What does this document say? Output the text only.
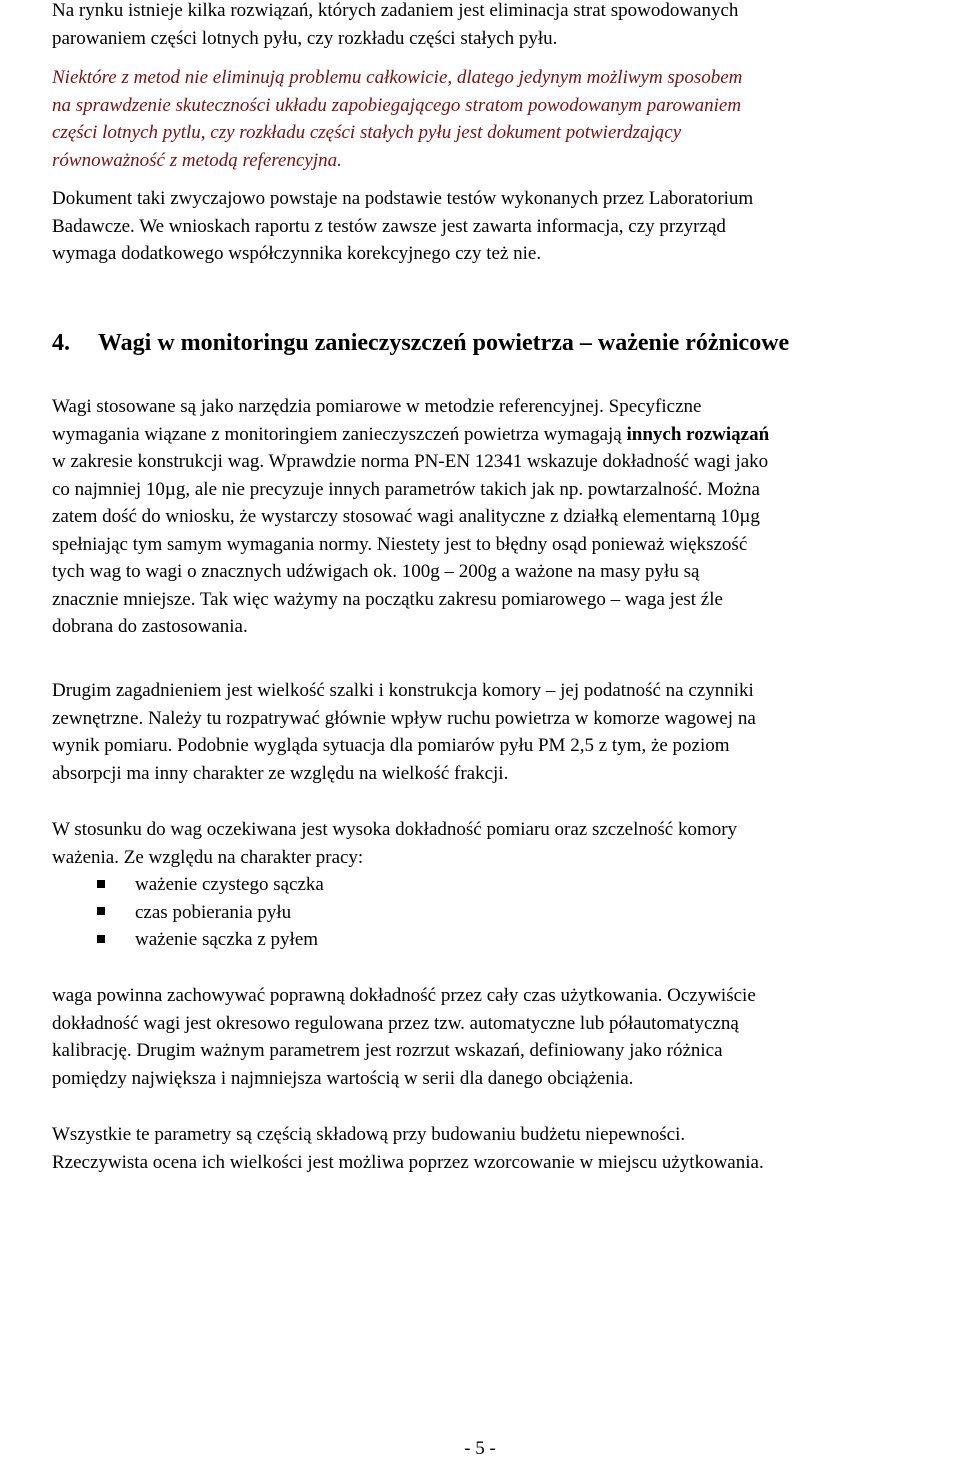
Na rynku istnieje kilka rozwiązań, których zadaniem jest eliminacja strat spowodowanych
parowaniem części lotnych pyłu, czy rozkładu części stałych pyłu.

Niektóre z metod nie eliminują problemu całkowicie, dlatego jedynym możliwym sposobem
na sprawdzenie skuteczności układu zapobiegającego stratom powodowanym parowaniem
części lotnych pytlu, czy rozkładu części stałych pyłu jest dokument potwierdzający
równoważność z metodą referencyjna.

Dokument taki zwyczajowo powstaje na podstawie testów wykonanych przez Laboratorium
Badawcze. We wnioskach raportu z testów zawsze jest zawarta informacja, czy przyrząd
wymaga dodatkowego współczynnika korekcyjnego czy też nie.

4. Wagi w monitoringu zanieczyszczeń powietrza – ważenie różnicowe

Wagi stosowane są jako narzędzia pomiarowe w metodzie referencyjnej. Specyficzne
wymagania wiązane z monitoringiem zanieczyszczeń powietrza wymagają innych rozwiązań
w zakresie konstrukcji wag. Wprawdzie norma PN-EN 12341 wskazuje dokładność wagi jako
co najmniej 10µg, ale nie precyzuje innych parametrów takich jak np. powtarzalność. Można
zatem dość do wniosku, że wystarczy stosować wagi analityczne z działką elementarną 10µg
spełniając tym samym wymagania normy. Niestety jest to błędny osąd ponieważ większość
tych wag to wagi o znacznych udźwigach ok. 100g – 200g a ważone na masy pyłu są
znacznie mniejsze. Tak więc ważymy na początku zakresu pomiarowego – waga jest źle
dobrana do zastosowania.

Drugim zagadnieniem jest wielkość szalki i konstrukcja komory – jej podatność na czynniki
zewnętrzne. Należy tu rozpatrywać głównie wpływ ruchu powietrza w komorze wagowej na
wynik pomiaru. Podobnie wygląda sytuacja dla pomiarów pyłu PM 2,5 z tym, że poziom
absorpcji ma inny charakter ze względu na wielkość frakcji.

W stosunku do wag oczekiwana jest wysoka dokładność pomiaru oraz szczelność komory
ważenia. Ze względu na charakter pracy:

ważenie czystego sączka
czas pobierania pyłu
ważenie sączka z pyłem

waga powinna zachowywać poprawną dokładność przez cały czas użytkowania. Oczywiście
dokładność wagi jest okresowo regulowana przez tzw. automatyczne lub półautomatyczną
kalibrację. Drugim ważnym parametrem jest rozrzut wskazań, definiowany jako różnica
pomiędzy największa i najmniejsza wartością w serii dla danego obciążenia.

Wszystkie te parametry są częścią składową przy budowaniu budżetu niepewności.
Rzeczywista ocena ich wielkości jest możliwa poprzez wzorcowanie w miejscu użytkowania.

- 5 -
